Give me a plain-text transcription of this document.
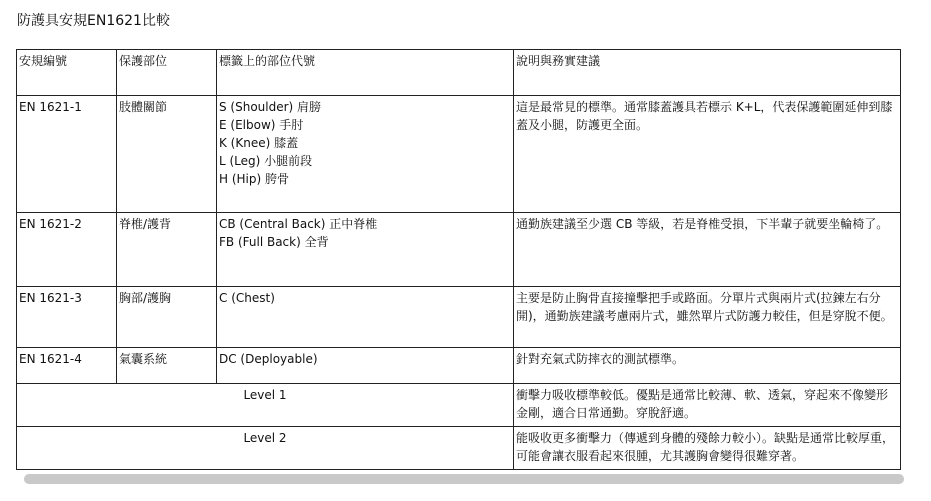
防護具安規EN1621比較
安規編號	保護部位	標籤上的部位代號	說明與務實建議
EN 1621-1	肢體關節	S (Shoulder) 肩膀
E (Elbow) 手肘
K (Knee) 膝蓋
L (Leg) 小腿前段
H (Hip) 胯骨	這是最常見的標準。通常膝蓋護具若標示 K+L，代表保護範圍延伸到膝蓋及小腿，防護更全面。
EN 1621-2	脊椎/護背	CB (Central Back) 正中脊椎
FB (Full Back) 全背	通勤族建議至少選 CB 等級，若是脊椎受損，下半輩子就要坐輪椅了。
EN 1621-3	胸部/護胸	C (Chest)	主要是防止胸骨直接撞擊把手或路面。分單片式與兩片式(拉鍊左右分開)，通勤族建議考慮兩片式，雖然單片式防護力較佳，但是穿脫不便。
EN 1621-4	氣囊系統	DC (Deployable)	針對充氣式防摔衣的測試標準。
Level 1			衝擊力吸收標準較低。優點是通常比較薄、軟、透氣，穿起來不像變形金剛，適合日常通勤。穿脫舒適。
Level 2			能吸收更多衝擊力（傳遞到身體的殘餘力較小）。缺點是通常比較厚重，可能會讓衣服看起來很腫，尤其護胸會變得很難穿著。
